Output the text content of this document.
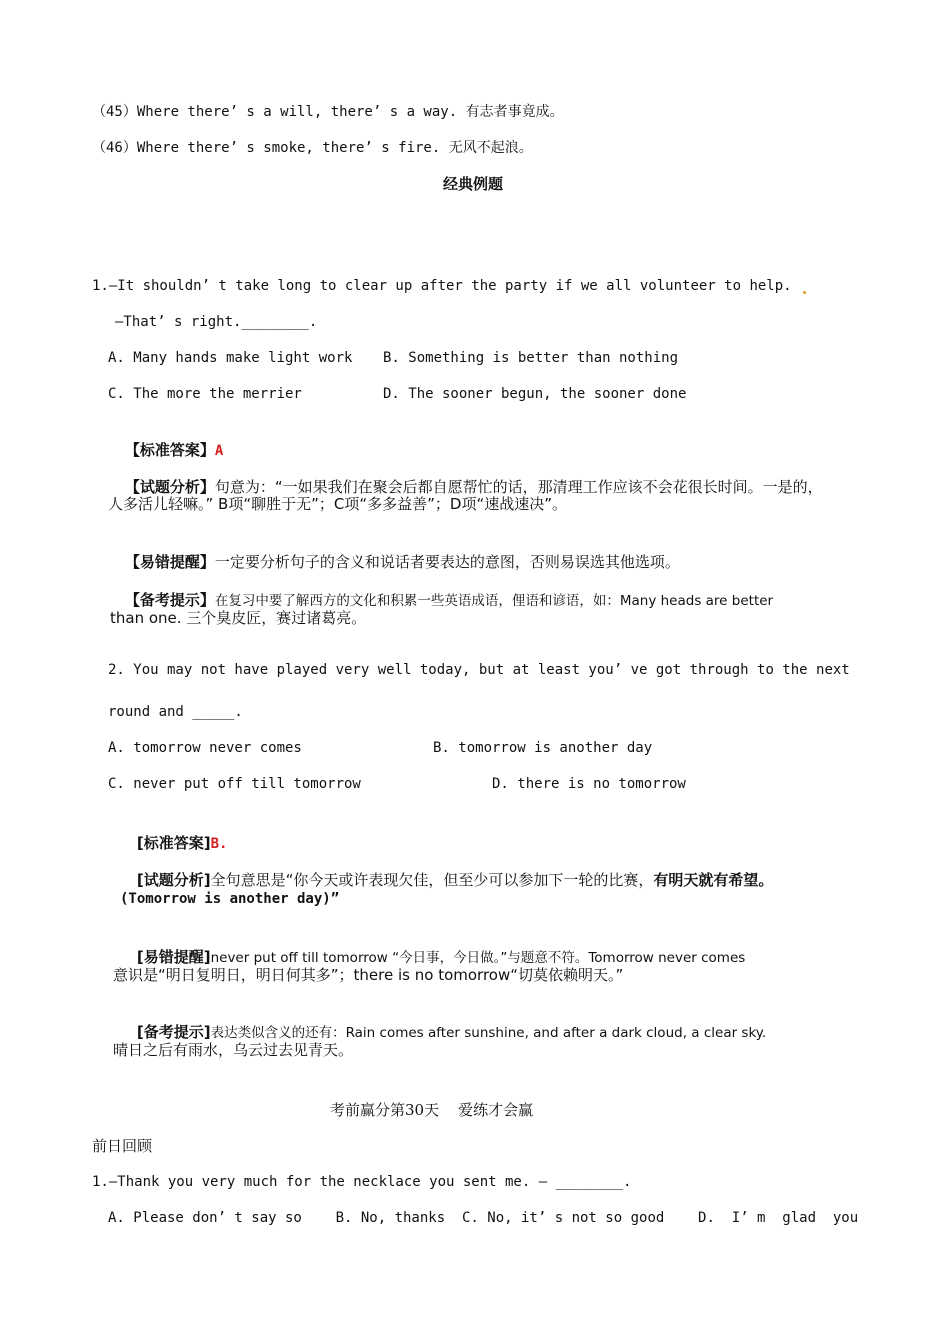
（45）Where there’ s a will, there’ s a way. 有志者事竟成。
（46）Where there’ s smoke, there’ s fire. 无风不起浪。
经典例题
1.—It shouldn’ t take long to clear up after the party if we all volunteer to help.
—That’ s right.________.
A. Many hands make light work B. Something is better than nothing
C. The more the merrier	D. The sooner begun, the sooner done

【标准答案】A

【试题分析】句意为：“一如果我们在聚会后都自愿帮忙的话，那清理工作应该不会花很长时间。一是的，

人多活儿轻嘛。” B项“聊胜于无”；C项“多多益善”；D项“速战速决”。

【易错提醒】一定要分析句子的含义和说话者要表达的意图，否则易误选其他选项。

【备考提示】在复习中要了解西方的文化和积累一些英语成语，俚语和谚语，如：Many heads are better

than one. 三个臭皮匠，赛过诸葛亮。
2. You may not have played very well today, but at least you’ ve got through to the next
round and _____.
A. tomorrow never comes	B. tomorrow is another day
C. never put off till tomorrow	D. there is no tomorrow

[标准答案]B.

[试题分析]全句意思是“你今天或许表现欠佳，但至少可以参加下一轮的比赛，有明天就有希望。

(Tomorrow is another day)”

[易错提醒]never put off till tomorrow “今日事，今日做。”与题意不符。Tomorrow never comes

意识是“明日复明日，明日何其多”；there is no tomorrow“切莫依赖明天。”

[备考提示]表达类似含义的还有：Rain comes after sunshine, and after a dark cloud, a clear sky.

晴日之后有雨水，乌云过去见青天。
考前赢分第30天    爱练才会赢
前日回顾
1.—Thank you very much for the necklace you sent me. — ________.
A. Please don’ t say so    B. No, thanks  C. No, it’ s not so good    D.  I’ m  glad  you
